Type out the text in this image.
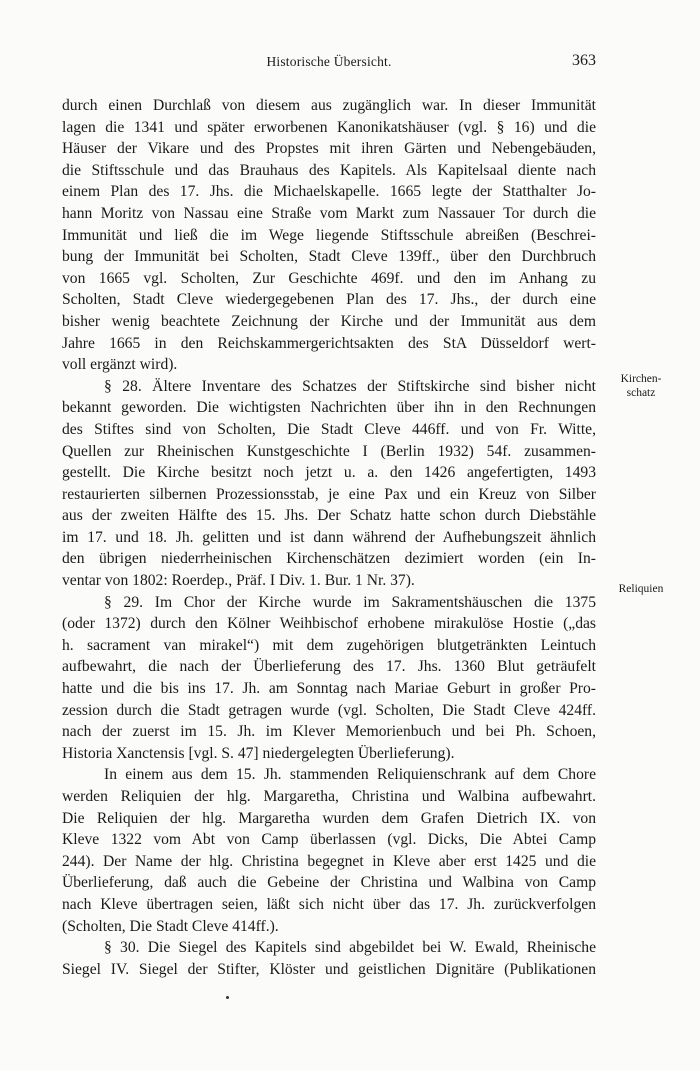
Historische Übersicht.	363
durch einen Durchlaß von diesem aus zugänglich war. In dieser Immunität
lagen die 1341 und später erworbenen Kanonikatshäuser (vgl. § 16) und die
Häuser der Vikare und des Propstes mit ihren Gärten und Nebengebäuden,
die Stiftsschule und das Brauhaus des Kapitels. Als Kapitelsaal diente nach
einem Plan des 17. Jhs. die Michaelskapelle. 1665 legte der Statthalter Jo-
hann Moritz von Nassau eine Straße vom Markt zum Nassauer Tor durch die
Immunität und ließ die im Wege liegende Stiftsschule abreißen (Beschrei-
bung der Immunität bei Scholten, Stadt Cleve 139ff., über den Durchbruch
von 1665 vgl. Scholten, Zur Geschichte 469f. und den im Anhang zu
Scholten, Stadt Cleve wiedergegebenen Plan des 17. Jhs., der durch eine
bisher wenig beachtete Zeichnung der Kirche und der Immunität aus dem
Jahre 1665 in den Reichskammergerichtsakten des StA Düsseldorf wert-
voll ergänzt wird).
§ 28. Ältere Inventare des Schatzes der Stiftskirche sind bisher nicht
bekannt geworden. Die wichtigsten Nachrichten über ihn in den Rechnungen
des Stiftes sind von Scholten, Die Stadt Cleve 446ff. und von Fr. Witte,
Quellen zur Rheinischen Kunstgeschichte I (Berlin 1932) 54f. zusammen-
gestellt. Die Kirche besitzt noch jetzt u. a. den 1426 angefertigten, 1493
restaurierten silbernen Prozessionsstab, je eine Pax und ein Kreuz von Silber
aus der zweiten Hälfte des 15. Jhs. Der Schatz hatte schon durch Diebstähle
im 17. und 18. Jh. gelitten und ist dann während der Aufhebungszeit ähnlich
den übrigen niederrheinischen Kirchenschätzen dezimiert worden (ein In-
ventar von 1802: Roerdep., Präf. I Div. 1. Bur. 1 Nr. 37).
§ 29. Im Chor der Kirche wurde im Sakramentshäuschen die 1375
(oder 1372) durch den Kölner Weihbischof erhobene mirakulöse Hostie („das
h. sacrament van mirakel“) mit dem zugehörigen blutgetränkten Leintuch
aufbewahrt, die nach der Überlieferung des 17. Jhs. 1360 Blut geträufelt
hatte und die bis ins 17. Jh. am Sonntag nach Mariae Geburt in großer Pro-
zession durch die Stadt getragen wurde (vgl. Scholten, Die Stadt Cleve 424ff.
nach der zuerst im 15. Jh. im Klever Memorienbuch und bei Ph. Schoen,
Historia Xanctensis [vgl. S. 47] niedergelegten Überlieferung).
In einem aus dem 15. Jh. stammenden Reliquienschrank auf dem Chore
werden Reliquien der hlg. Margaretha, Christina und Walbina aufbewahrt.
Die Reliquien der hlg. Margaretha wurden dem Grafen Dietrich IX. von
Kleve 1322 vom Abt von Camp überlassen (vgl. Dicks, Die Abtei Camp
244). Der Name der hlg. Christina begegnet in Kleve aber erst 1425 und die
Überlieferung, daß auch die Gebeine der Christina und Walbina von Camp
nach Kleve übertragen seien, läßt sich nicht über das 17. Jh. zurückverfolgen
(Scholten, Die Stadt Cleve 414ff.).
§ 30. Die Siegel des Kapitels sind abgebildet bei W. Ewald, Rheinische
Siegel IV. Siegel der Stifter, Klöster und geistlichen Dignitäre (Publikationen
Kirchen-
schatz
Reliquien
